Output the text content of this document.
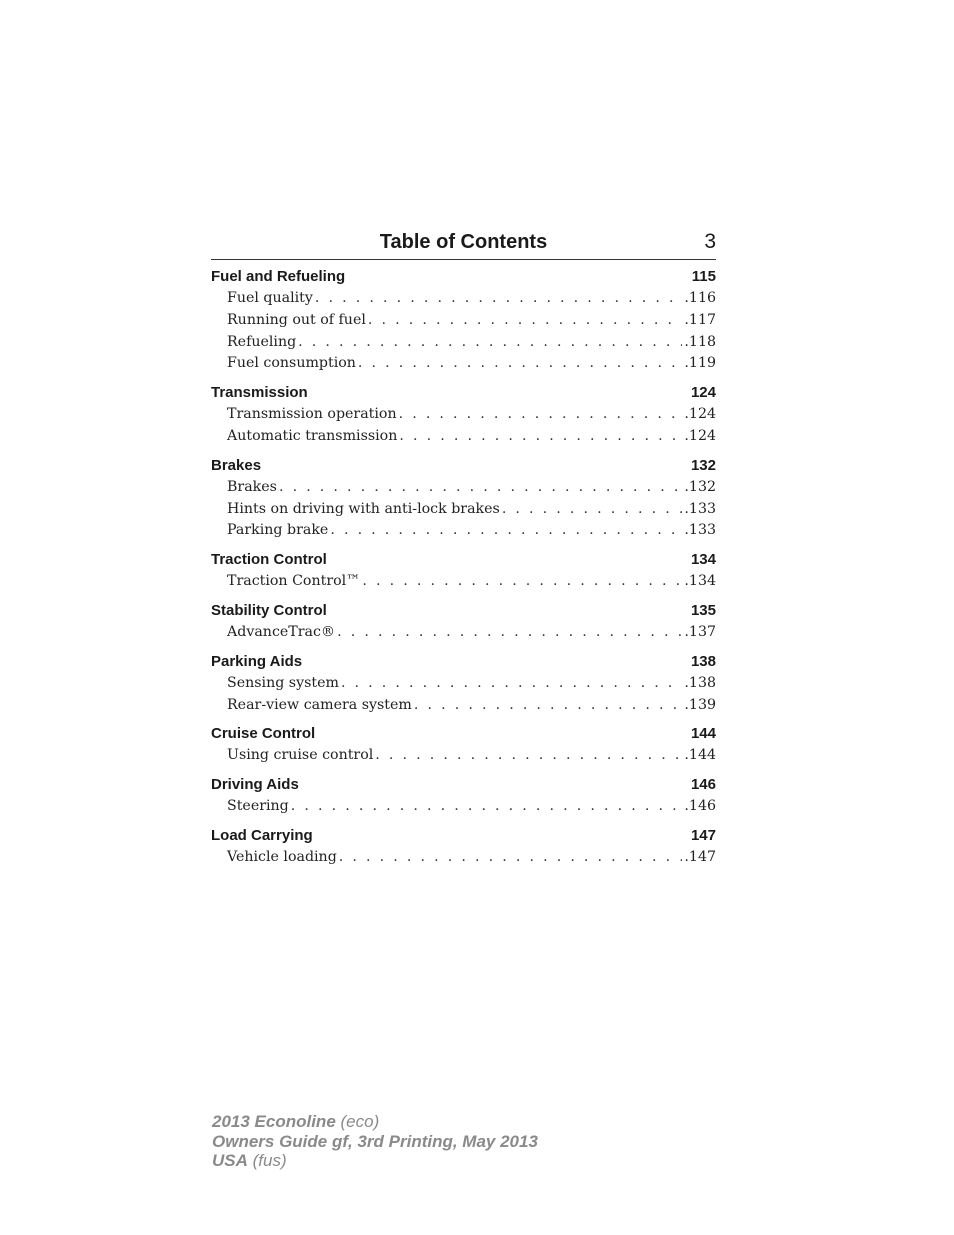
Table of Contents	3
Fuel and Refueling	115
Fuel quality . . .	.116
Running out of fuel . . .	.117
Refueling . . .	.118
Fuel consumption . . .	.119
Transmission	124
Transmission operation . . .	.124
Automatic transmission . . .	.124
Brakes	132
Brakes . . .	.132
Hints on driving with anti-lock brakes . . .	.133
Parking brake . . .	.133
Traction Control	134
Traction Control™ . . .	.134
Stability Control	135
AdvanceTrac® . . .	.137
Parking Aids	138
Sensing system . . .	.138
Rear-view camera system . . .	.139
Cruise Control	144
Using cruise control . . .	.144
Driving Aids	146
Steering . . .	.146
Load Carrying	147
Vehicle loading . . .	.147
2013 Econoline (eco)
Owners Guide gf, 3rd Printing, May 2013
USA (fus)
